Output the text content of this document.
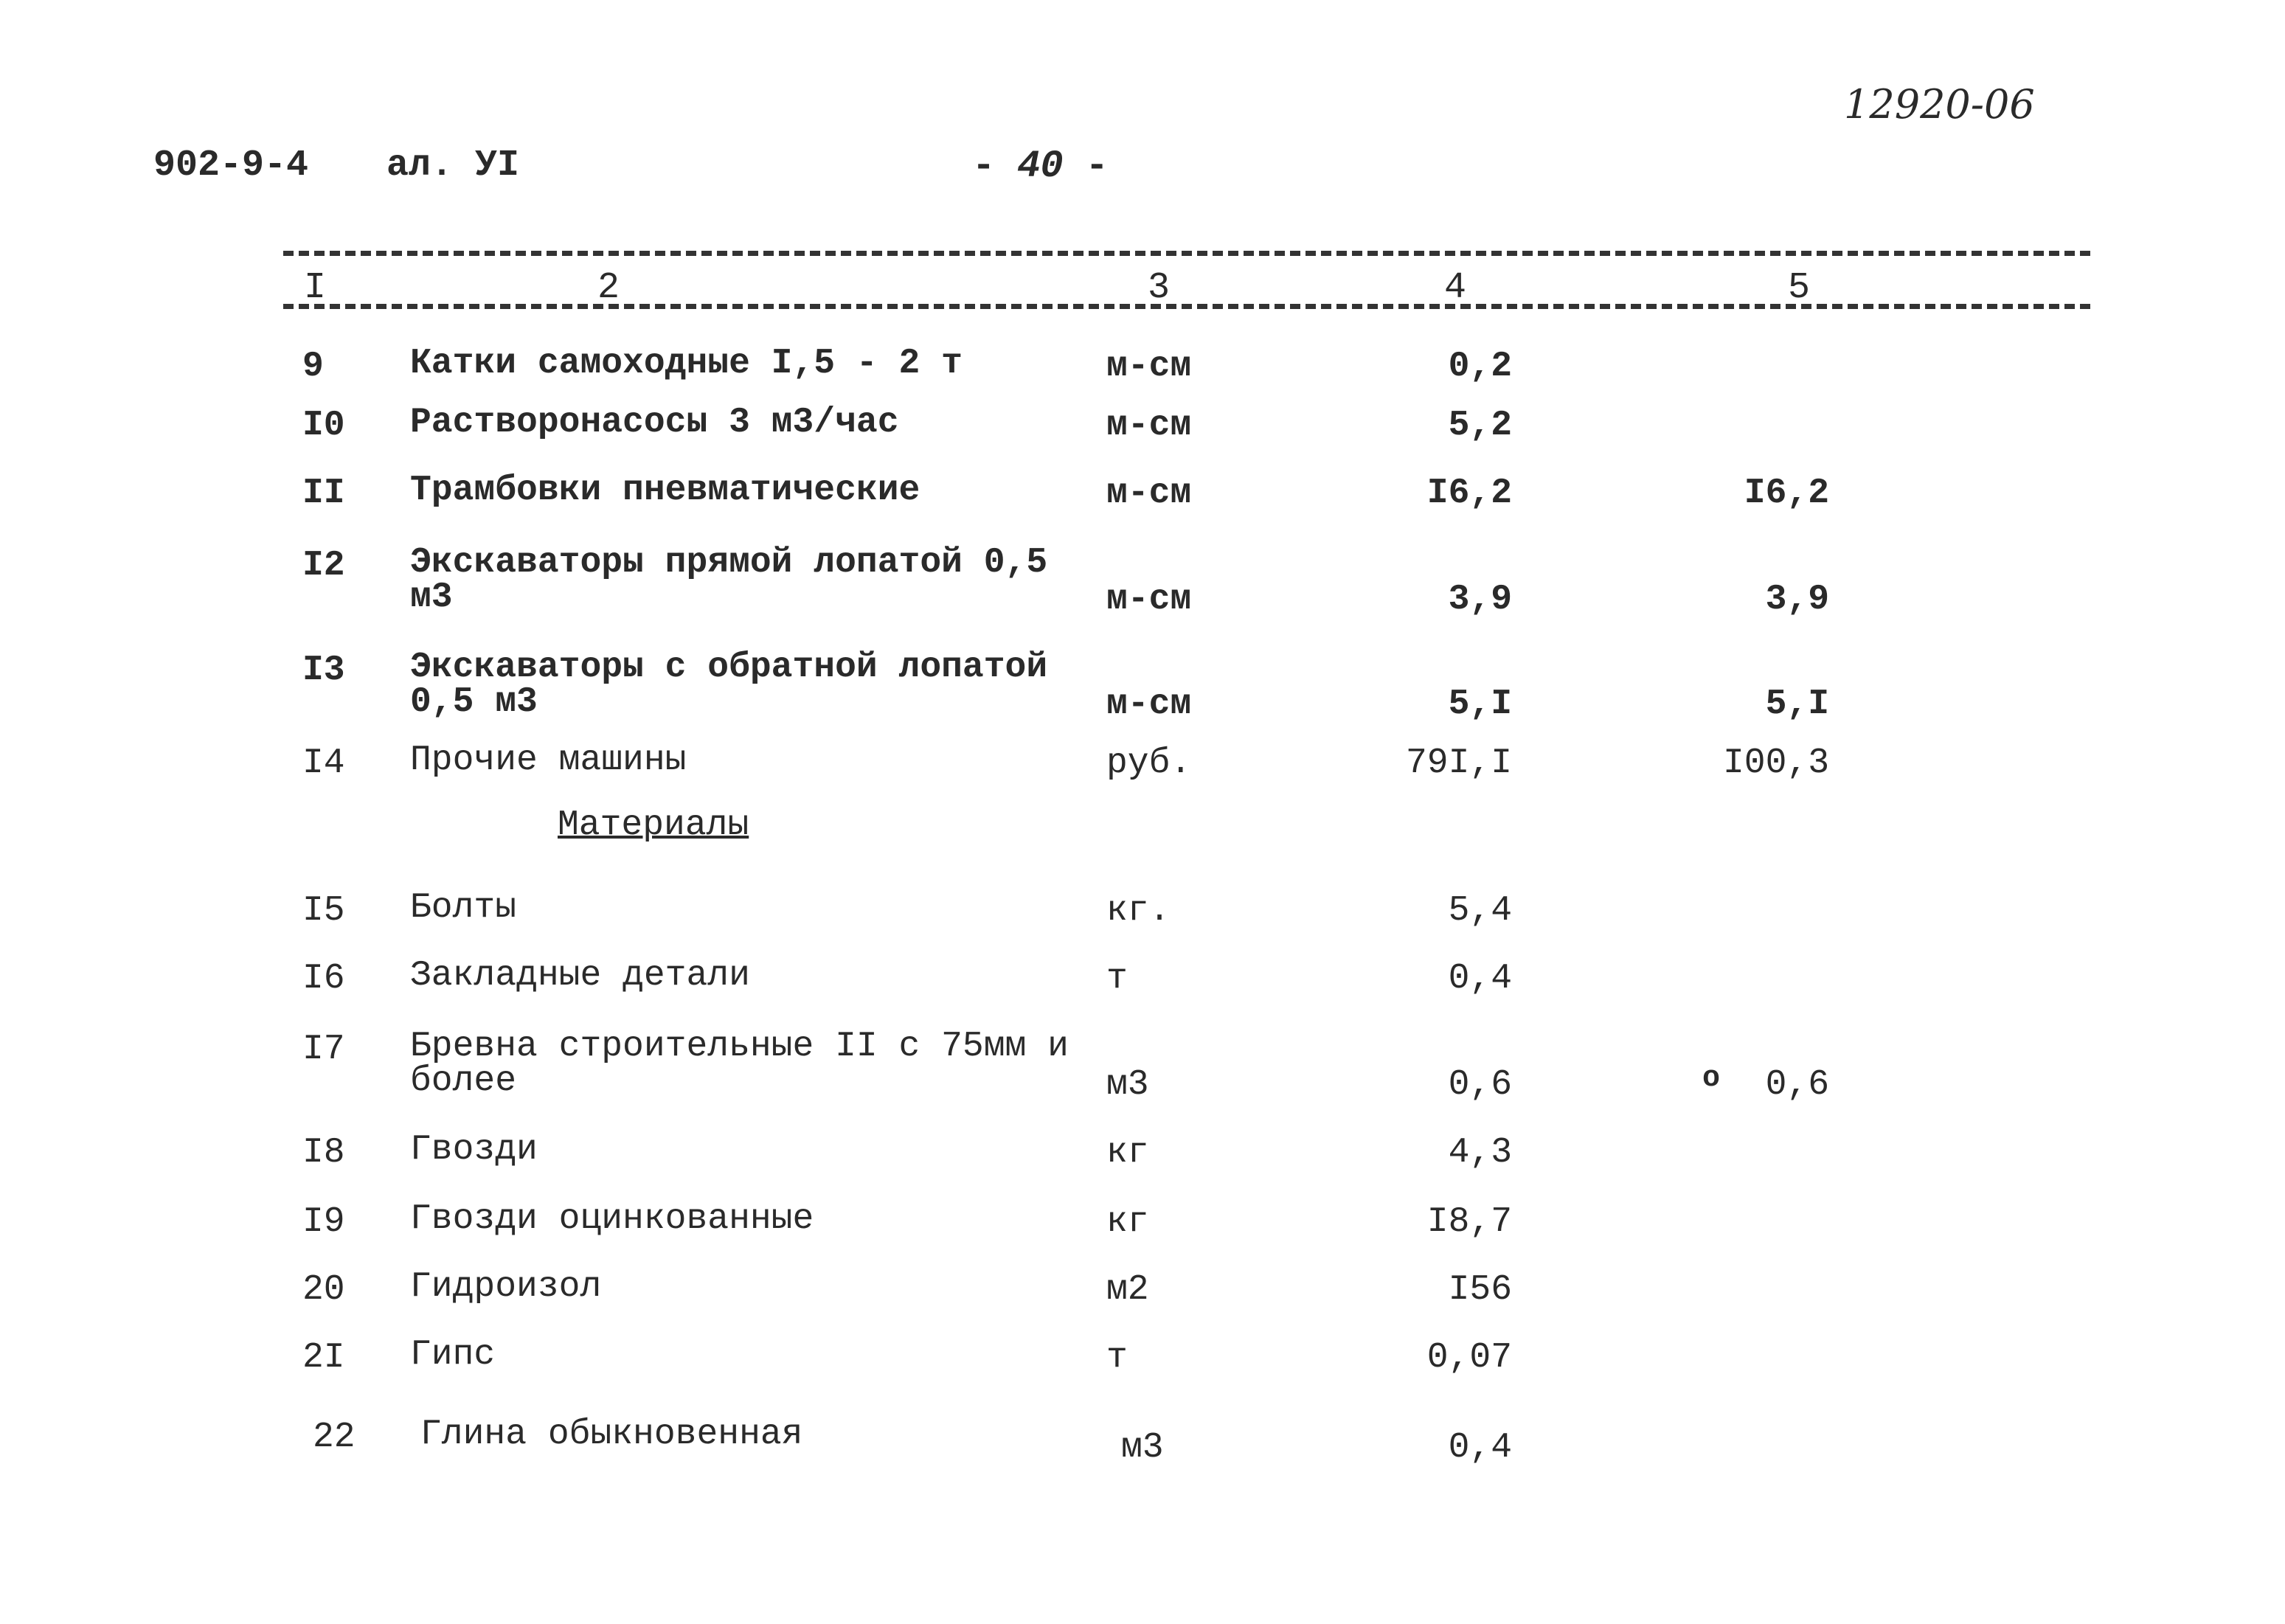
902-9-4 ал. УI	- 40 -
12920-06
I	2	3	4	5
Материалы
o
9	Катки самоходные I,5 - 2 т	м-см	0,2
I0	Растворонасосы 3 м3/час	м-см	5,2
II	Трамбовки пневматические	м-см	I6,2	I6,2
I2	Экскаваторы прямой лопатой 0,5 м3	м-см	3,9	3,9
I3	Экскаваторы с обратной лопатой 0,5 м3	м-см	5,I	5,I
I4	Прочие машины	руб.	79I,I	I00,3
I5	Болты	кг.	5,4
I6	Закладные детали	т	0,4
I7	Бревна строительные II с 75мм и более	м3	0,6	0,6
I8	Гвозди	кг	4,3
I9	Гвозди оцинкованные	кг	I8,7
20	Гидроизол	м2	I56
2I	Гипс	т	0,07
22	Глина обыкновенная	м3	0,4
